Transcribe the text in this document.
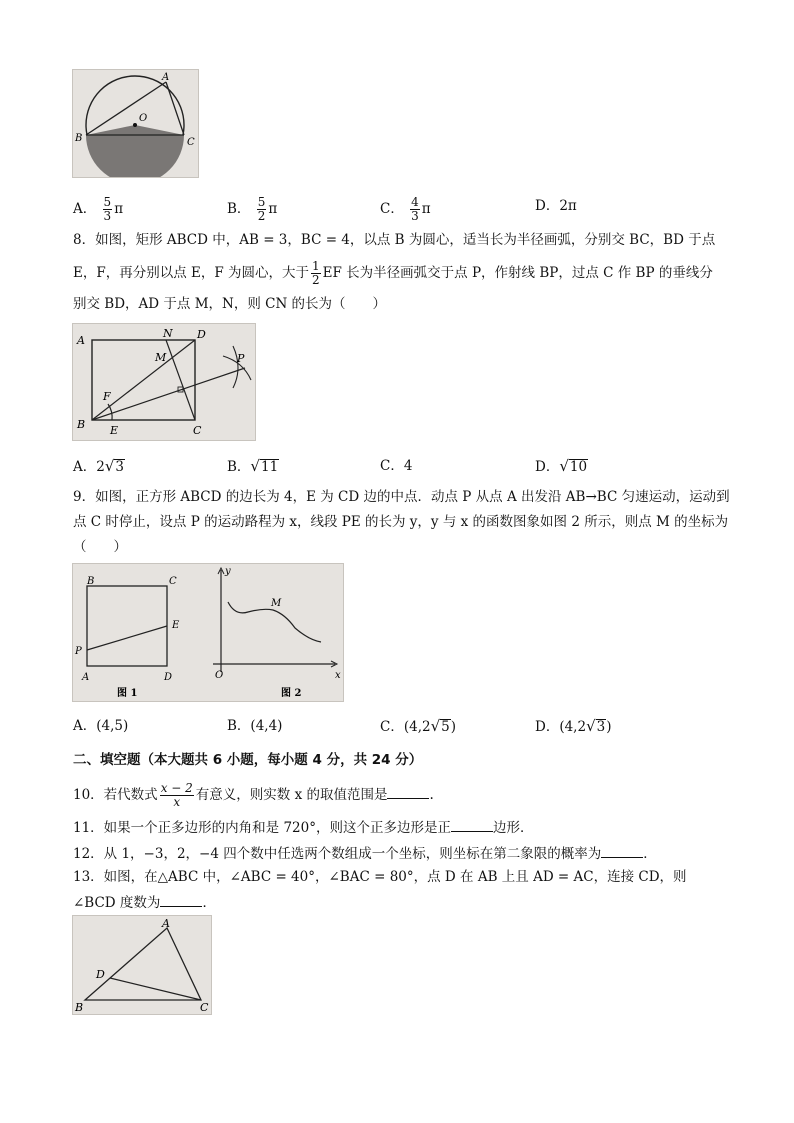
A
B	C
O
A． $\frac{5}{3}$ π	B． $\frac{5}{2}$ π	C． $\frac{4}{3}$ π	D．2π
8．如图，矩形 ABCD 中，AB = 3，BC = 4，以点 B 为圆心，适当长为半径画弧，分别交 BC，BD 于点
E，F，再分别以点 E，F 为圆心，大于 $\frac{1}{2}$ EF 长为半径画弧交于点 P，作射线 BP，过点 C 作 BP 的垂线分
别交 BD，AD 于点 M，N，则 CN 的长为（　　）
A
B	C
D
E
F
M
N
P
A．2√3	B．√11	C．4	D．√10
9．如图，正方形 ABCD 的边长为 4，E 为 CD 边的中点．动点 P 从点 A 出发沿 AB→BC 匀速运动，运动到
点 C 时停止，设点 P 的运动路程为 x，线段 PE 的长为 y，y 与 x 的函数图象如图 2 所示，则点 M 的坐标为
（　　）
B	C
A	D
E
P
图 1
y
x
O
M
图 2
A．(4,5)	B．(4,4)	C．(4,2√5)	D．(4,2√3)
二、填空题（本大题共 6 小题，每小题 4 分，共 24 分）
10．若代数式 $\frac{x - 2}{x}$ 有意义，则实数 x 的取值范围是	.
11．如果一个正多边形的内角和是 720°，则这个正多边形是正	边形．
12．从 1，−3，2，−4 四个数中任选两个数组成一个坐标，则坐标在第二象限的概率为	．
13．如图，在△ABC 中，∠ABC = 40°，∠BAC = 80°，点 D 在 AB 上且 AD = AC，连接 CD，则
∠BCD 度数为	．
A
B	C
D
